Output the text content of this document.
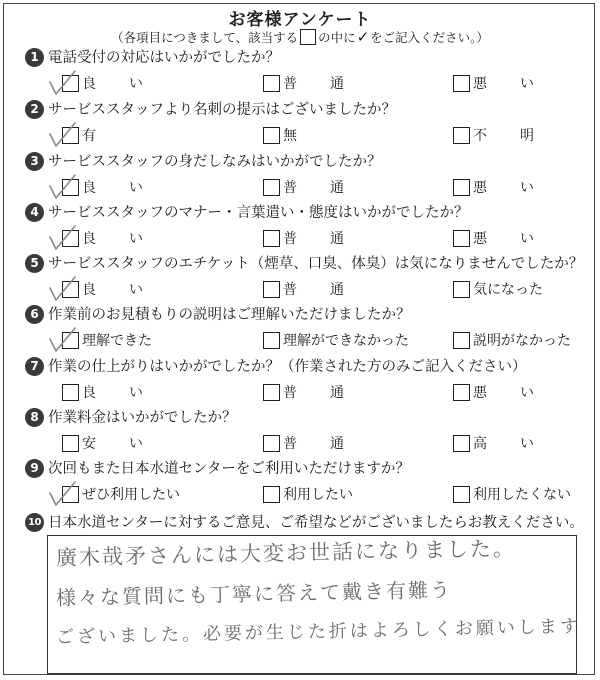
お客様アンケート
（各項目につきまして、該当する の中に✓をご記入ください。）
1 電話受付の対応はいかがでしたか？
良い	普通	悪い
2 サービススタッフより名刺の提示はございましたか？
有	無	不明
3 サービススタッフの身だしなみはいかがでしたか？
良い	普通	悪い
4 サービススタッフのマナー・言葉遣い・態度はいかがでしたか？
良い	普通	悪い
5 サービススタッフのエチケット（煙草、口臭、体臭）は気になりませんでしたか？
良い	普通	気になった
6 作業前のお見積もりの説明はご理解いただけましたか？
理解できた	理解ができなかった	説明がなかった
7 作業の仕上がりはいかがでしたか？（作業された方のみご記入ください）
良い	普通	悪い
8 作業料金はいかがでしたか？
安い	普通	高い
9 次回もまた日本水道センターをご利用いただけますか？
ぜひ利用したい	利用したい	利用したくない
10 日本水道センターに対するご意見、ご希望などがございましたらお教えください。
廣木哉矛さんには大変お世話になりました。
様々な質問にも丁寧に答えて戴き有難う
ございました。必要が生じた折はよろしくお願いします
